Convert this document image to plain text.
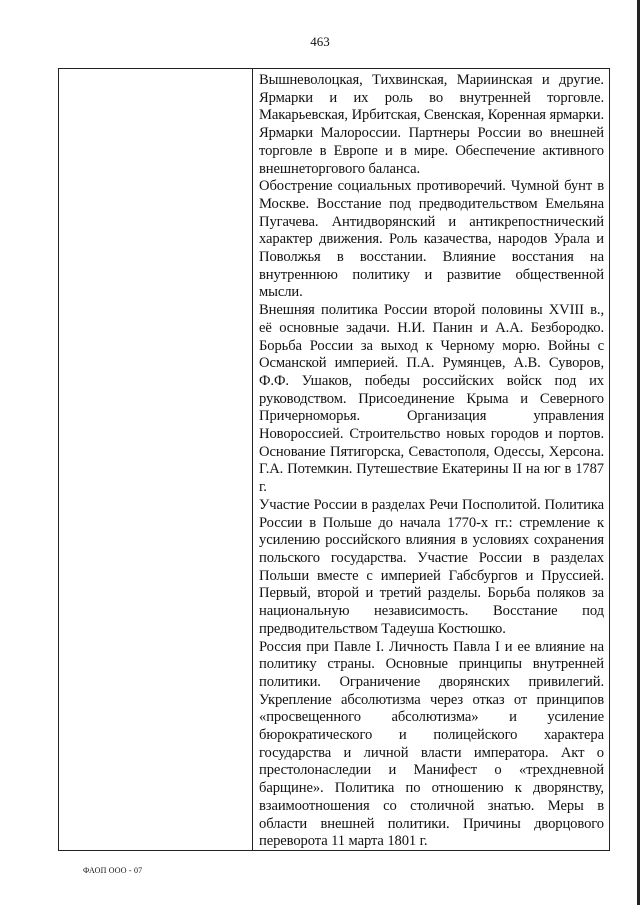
463

Вышневолоцкая, Тихвинская, Мариинская и другие. Ярмарки и их роль во внутренней торговле. Макарьевская, Ирбитская, Свенская, Коренная ярмарки. Ярмарки Малороссии. Партнеры России во внешней торговле в Европе и в мире. Обеспечение активного внешнеторгового баланса.

Обострение социальных противоречий. Чумной бунт в Москве. Восстание под предводительством Емельяна Пугачева. Антидворянский и антикрепостнический характер движения. Роль казачества, народов Урала и Поволжья в восстании. Влияние восстания на внутреннюю политику и развитие общественной мысли.

Внешняя политика России второй половины XVIII в., её основные задачи. Н.И. Панин и А.А. Безбородко. Борьба России за выход к Черному морю. Войны с Османской империей. П.А. Румянцев, А.В. Суворов, Ф.Ф. Ушаков, победы российских войск под их руководством. Присоединение Крыма и Северного Причерноморья. Организация управления Новороссией. Строительство новых городов и портов. Основание Пятигорска, Севастополя, Одессы, Херсона. Г.А. Потемкин. Путешествие Екатерины II на юг в 1787 г.

Участие России в разделах Речи Посполитой. Политика России в Польше до начала 1770-х гг.: стремление к усилению российского влияния в условиях сохранения польского государства. Участие России в разделах Польши вместе с империей Габсбургов и Пруссией. Первый, второй и третий разделы. Борьба поляков за национальную независимость. Восстание под предводительством Тадеуша Костюшко.

Россия при Павле I. Личность Павла I и ее влияние на политику страны. Основные принципы внутренней политики. Ограничение дворянских привилегий. Укрепление абсолютизма через отказ от принципов «просвещенного абсолютизма» и усиление бюрократического и полицейского характера государства и личной власти императора. Акт о престолонаследии и Манифест о «трехдневной барщине». Политика по отношению к дворянству, взаимоотношения со столичной знатью. Меры в области внешней политики. Причины дворцового переворота 11 марта 1801 г.

ФАОП ООО - 07
